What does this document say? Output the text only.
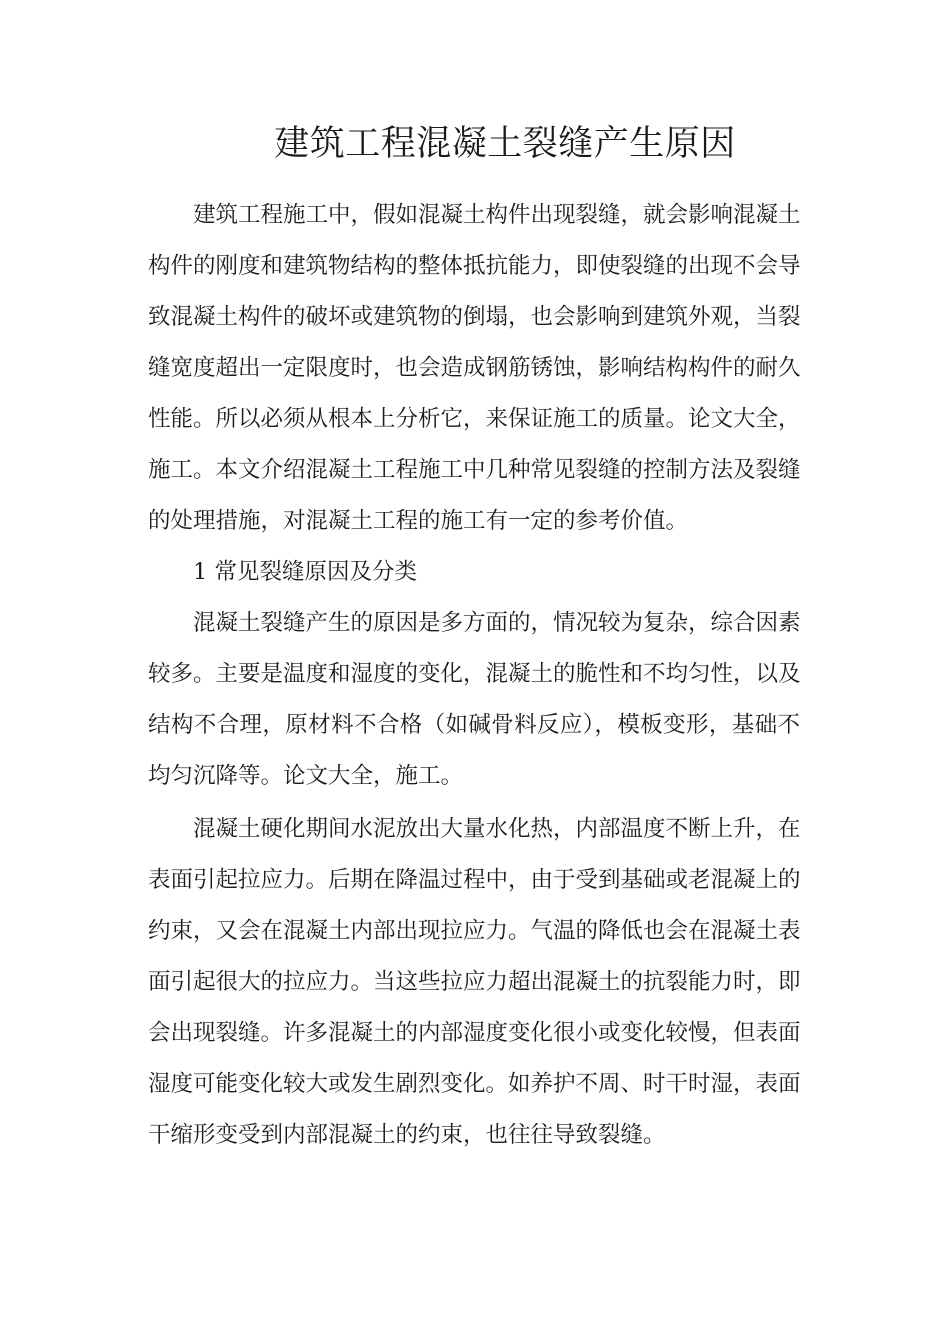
建筑工程混凝土裂缝产生原因
建筑工程施工中，假如混凝土构件出现裂缝，就会影响混凝土
构件的刚度和建筑物结构的整体抵抗能力，即使裂缝的出现不会导
致混凝土构件的破坏或建筑物的倒塌，也会影响到建筑外观，当裂
缝宽度超出一定限度时，也会造成钢筋锈蚀，影响结构构件的耐久
性能。所以必须从根本上分析它，来保证施工的质量。论文大全，
施工。本文介绍混凝土工程施工中几种常见裂缝的控制方法及裂缝
的处理措施，对混凝土工程的施工有一定的参考价值。
1 常见裂缝原因及分类
混凝土裂缝产生的原因是多方面的，情况较为复杂，综合因素
较多。主要是温度和湿度的变化，混凝土的脆性和不均匀性，以及
结构不合理，原材料不合格（如碱骨料反应），模板变形，基础不
均匀沉降等。论文大全，施工。
混凝土硬化期间水泥放出大量水化热，内部温度不断上升，在
表面引起拉应力。后期在降温过程中，由于受到基础或老混凝上的
约束，又会在混凝土内部出现拉应力。气温的降低也会在混凝土表
面引起很大的拉应力。当这些拉应力超出混凝土的抗裂能力时，即
会出现裂缝。许多混凝土的内部湿度变化很小或变化较慢，但表面
湿度可能变化较大或发生剧烈变化。如养护不周、时干时湿，表面
干缩形变受到内部混凝土的约束，也往往导致裂缝。
